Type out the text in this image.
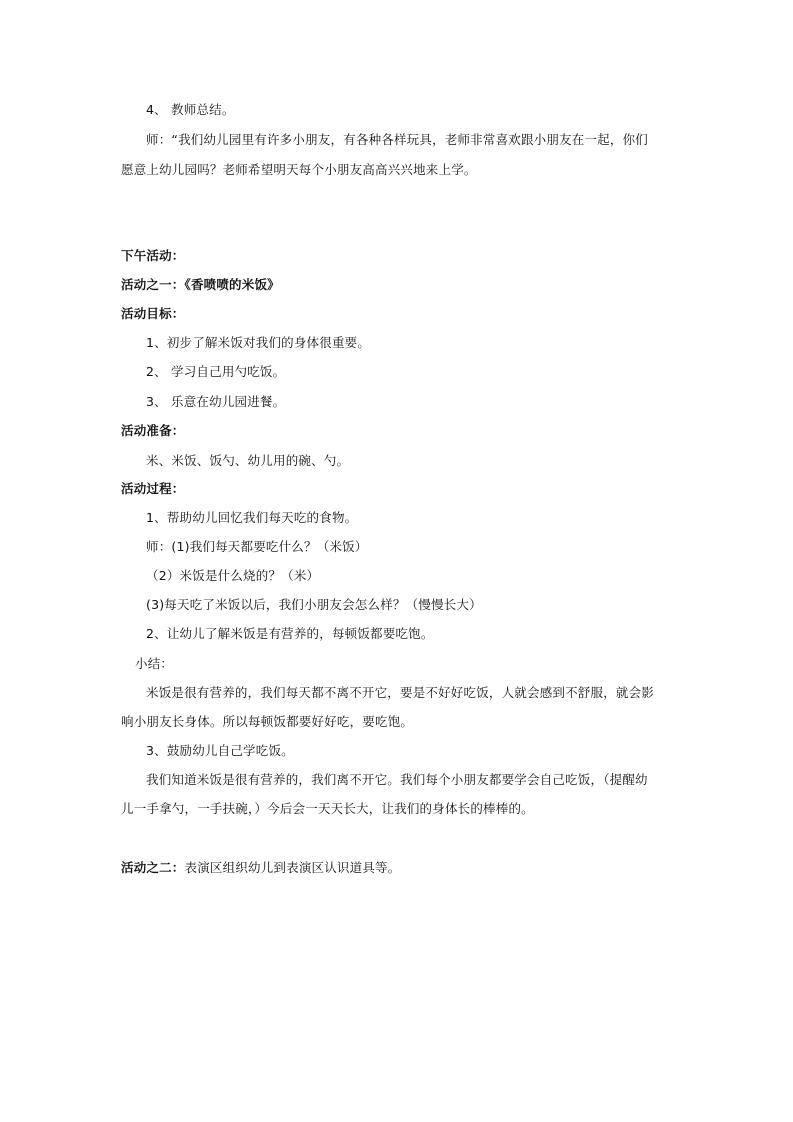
4、 教师总结。
师：“我们幼儿园里有许多小朋友，有各种各样玩具，老师非常喜欢跟小朋友在一起，你们
愿意上幼儿园吗？老师希望明天每个小朋友高高兴兴地来上学。
下午活动：
活动之一：《香喷喷的米饭》
活动目标：
1、初步了解米饭对我们的身体很重要。
2、 学习自己用勺吃饭。
3、 乐意在幼儿园进餐。
活动准备：
米、米饭、饭勺、幼儿用的碗、勺。
活动过程：
1、帮助幼儿回忆我们每天吃的食物。
师：(1)我们每天都要吃什么？（米饭）
（2）米饭是什么烧的？（米）
(3)每天吃了米饭以后，我们小朋友会怎么样？（慢慢长大）
2、让幼儿了解米饭是有营养的，每顿饭都要吃饱。
小结：
米饭是很有营养的，我们每天都不离不开它，要是不好好吃饭，人就会感到不舒服，就会影
响小朋友长身体。所以每顿饭都要好好吃，要吃饱。
3、鼓励幼儿自己学吃饭。
我们知道米饭是很有营养的，我们离不开它。我们每个小朋友都要学会自己吃饭，（提醒幼
儿一手拿勺，一手扶碗，）今后会一天天长大，让我们的身体长的棒棒的。
活动之二：表演区组织幼儿到表演区认识道具等。
